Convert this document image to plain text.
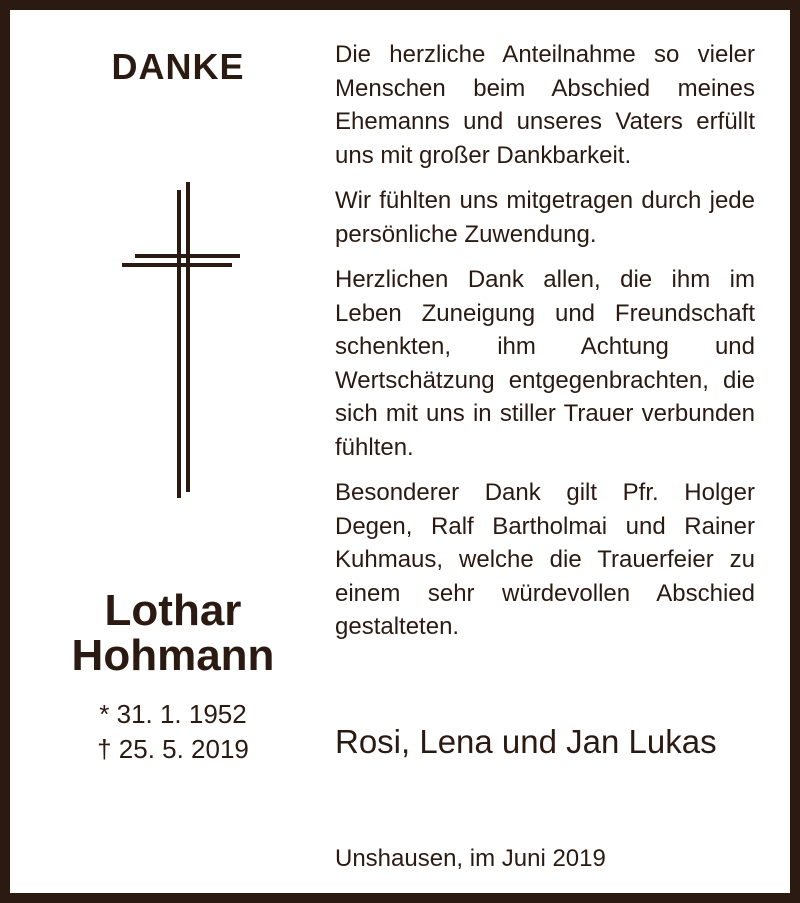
DANKE
Lothar
Hohmann
* 31. 1. 1952
† 25. 5. 2019

Die herzliche Anteilnahme so vieler Menschen beim Abschied meines Ehemanns und unseres Vaters erfüllt uns mit großer Dankbarkeit.

Wir fühlten uns mitgetragen durch jede persönliche Zuwendung.

Herzlichen Dank allen, die ihm im Leben Zuneigung und Freundschaft schenkten, ihm Achtung und Wertschätzung entgegenbrachten, die sich mit uns in stiller Trauer verbunden fühlten.

Besonderer Dank gilt Pfr. Holger Degen, Ralf Bartholmai und Rainer Kuhmaus, welche die Trauerfeier zu einem sehr würdevollen Abschied gestalteten.

Rosi, Lena und Jan Lukas
Unshausen, im Juni 2019
